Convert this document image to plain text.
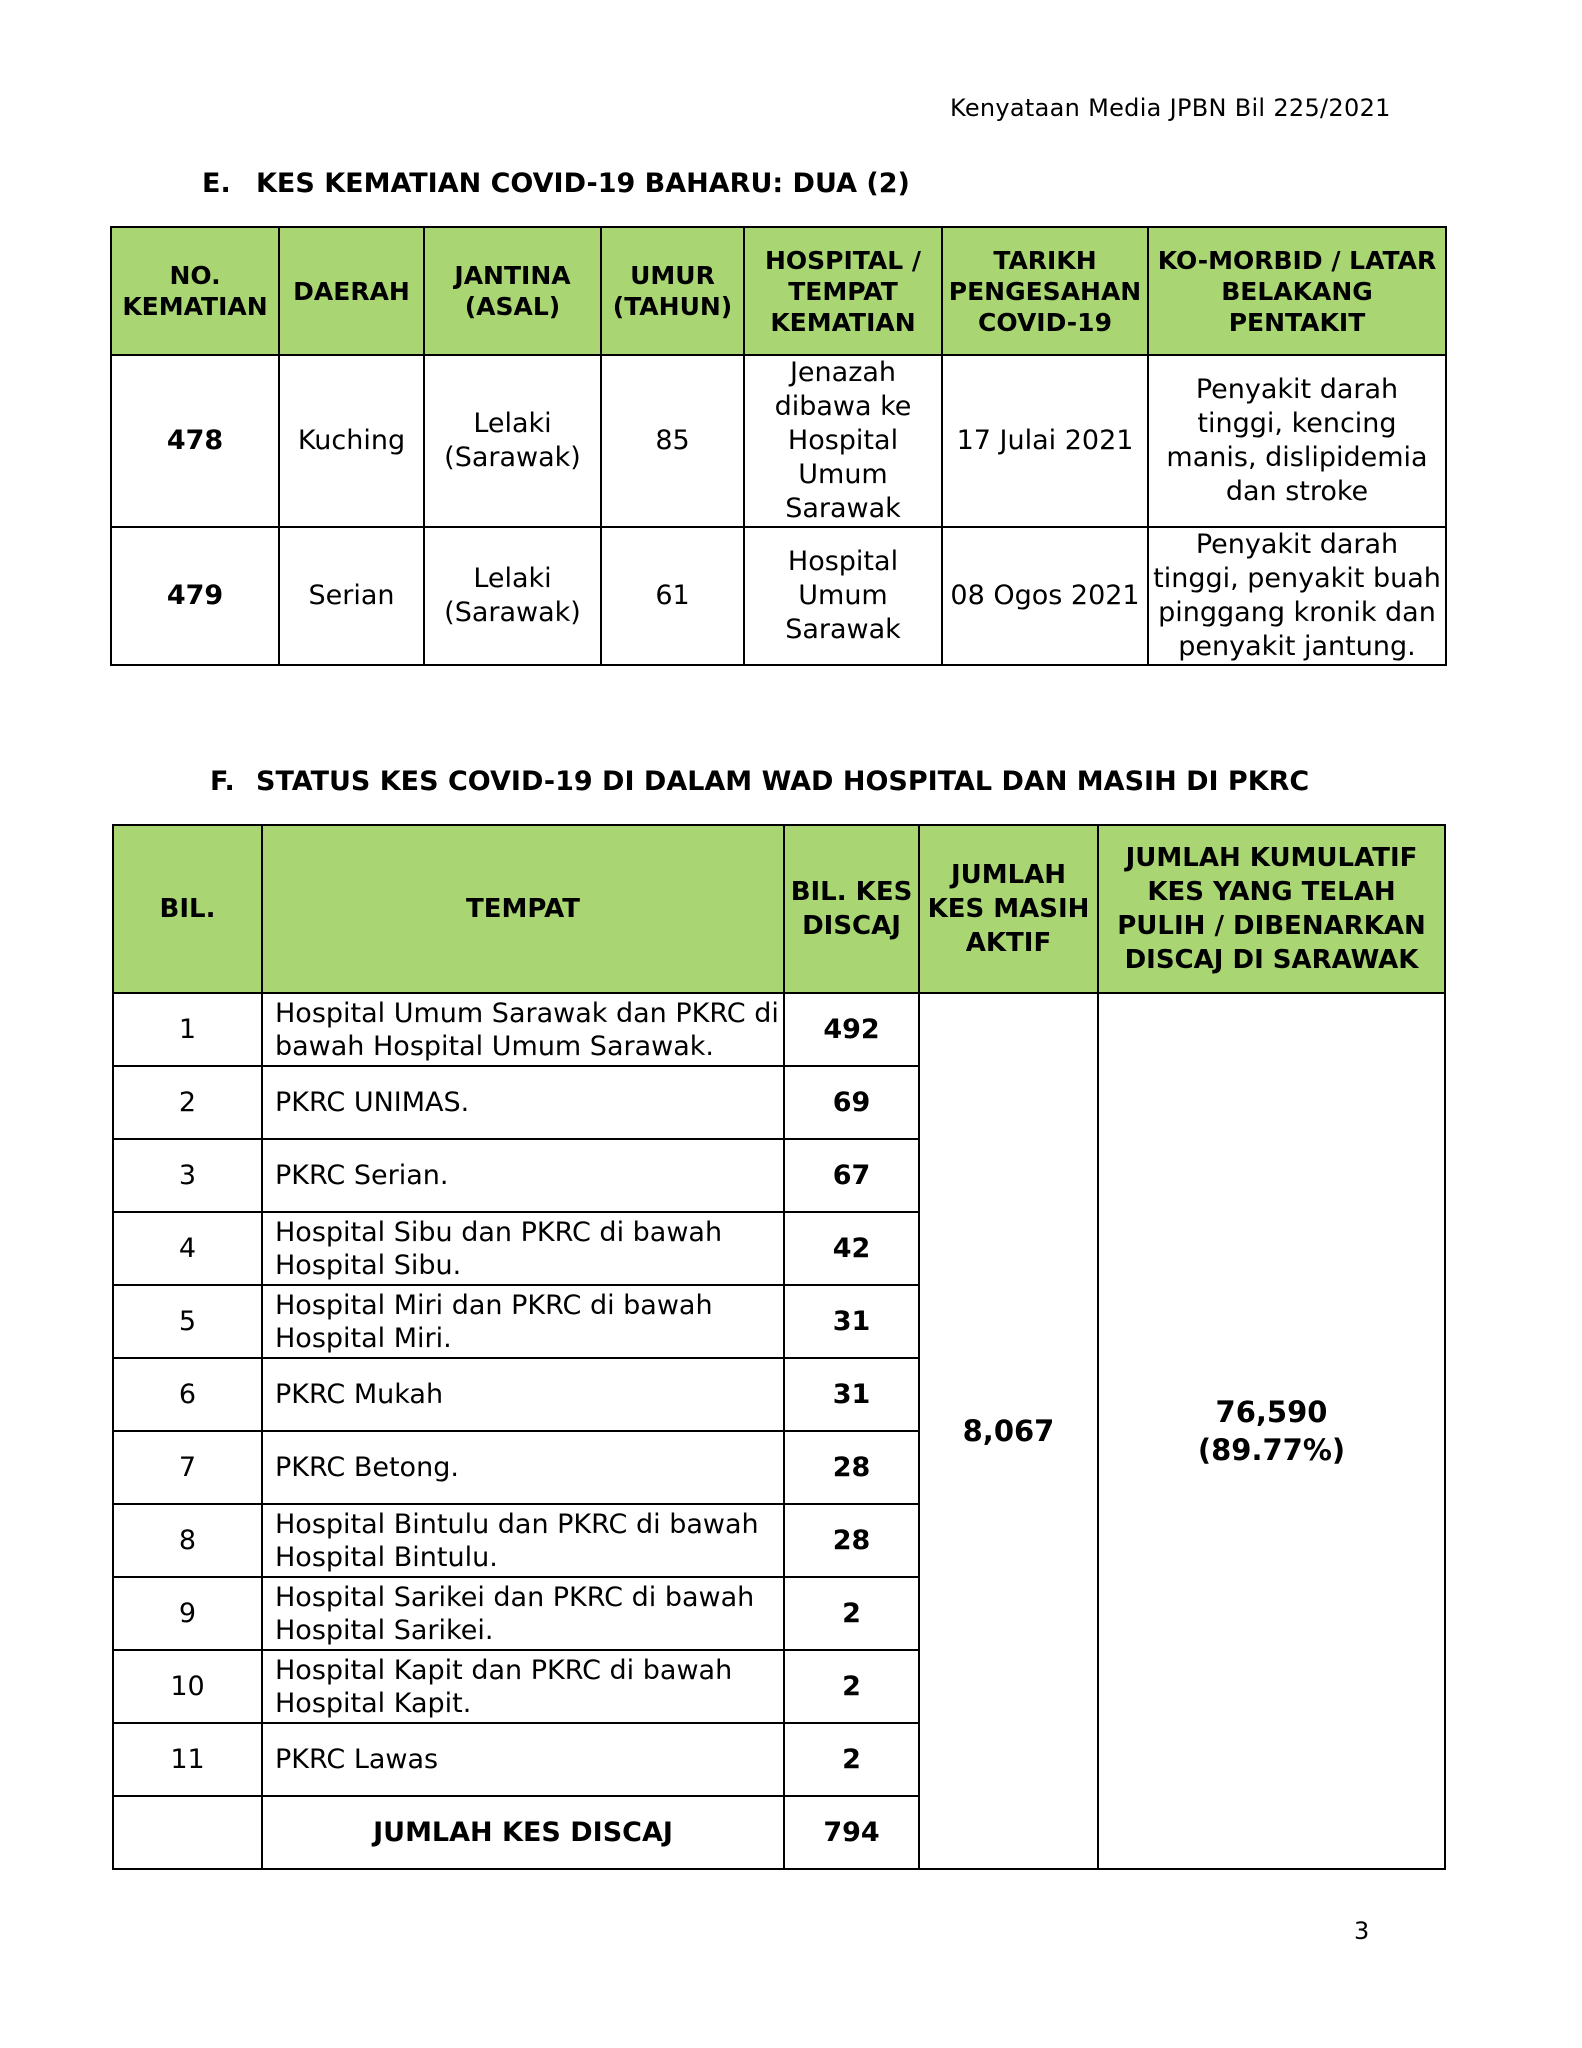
Kenyataan Media JPBN Bil 225/2021
E. KES KEMATIAN COVID-19 BAHARU: DUA (2)
NO. KEMATIAN	DAERAH	JANTINA (ASAL)	UMUR (TAHUN)	HOSPITAL / TEMPAT KEMATIAN	TARIKH PENGESAHAN COVID-19	KO-MORBID / LATAR BELAKANG PENTAKIT
478	Kuching	Lelaki (Sarawak)	85	Jenazah dibawa ke Hospital Umum Sarawak	17 Julai 2021	Penyakit darah tinggi, kencing manis, dislipidemia dan stroke
479	Serian	Lelaki (Sarawak)	61	Hospital Umum Sarawak	08 Ogos 2021	Penyakit darah tinggi, penyakit buah pinggang kronik dan penyakit jantung.
F. STATUS KES COVID-19 DI DALAM WAD HOSPITAL DAN MASIH DI PKRC
BIL.	TEMPAT	BIL. KES DISCAJ	JUMLAH KES MASIH AKTIF	JUMLAH KUMULATIF KES YANG TELAH PULIH / DIBENARKAN DISCAJ DI SARAWAK
1	Hospital Umum Sarawak dan PKRC di bawah Hospital Umum Sarawak.	492	8,067	76,590
(89.77%)

2	PKRC UNIMAS.	69		
3	PKRC Serian.	67		
4	Hospital Sibu dan PKRC di bawah Hospital Sibu.	42		
5	Hospital Miri dan PKRC di bawah Hospital Miri.	31		
6	PKRC Mukah	31		
7	PKRC Betong.	28		
8	Hospital Bintulu dan PKRC di bawah Hospital Bintulu.	28		
9	Hospital Sarikei dan PKRC di bawah Hospital Sarikei.	2		
10	Hospital Kapit dan PKRC di bawah Hospital Kapit.	2		
11	PKRC Lawas	2		
	JUMLAH KES DISCAJ	794		
3
